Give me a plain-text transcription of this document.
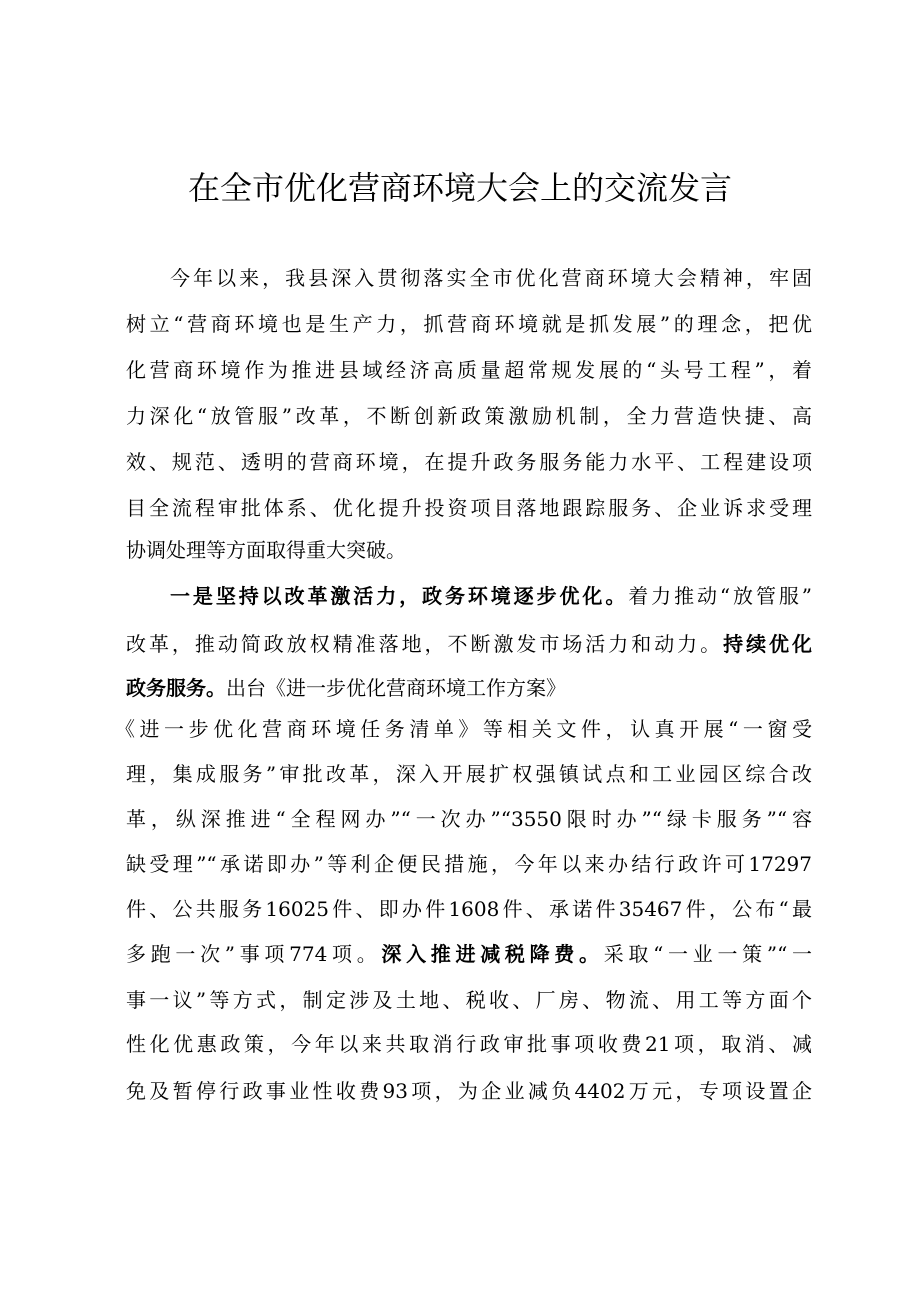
在全市优化营商环境大会上的交流发言
今年以来，我县深入贯彻落实全市优化营商环境大会精神，牢固
树立“营商环境也是生产力，抓营商环境就是抓发展”的理念，把优
化营商环境作为推进县域经济高质量超常规发展的“头号工程”，着
力深化“放管服”改革，不断创新政策激励机制，全力营造快捷、高
效、规范、透明的营商环境，在提升政务服务能力水平、工程建设项
目全流程审批体系、优化提升投资项目落地跟踪服务、企业诉求受理
协调处理等方面取得重大突破。
一是坚持以改革激活力，政务环境逐步优化。着力推动“放管服”
改革，推动简政放权精准落地，不断激发市场活力和动力。持续优化
政务服务。出台《进一步优化营商环境工作方案》
《进一步优化营商环境任务清单》等相关文件，认真开展“一窗受
理，集成服务”审批改革，深入开展扩权强镇试点和工业园区综合改
革，纵深推进“全程网办”“一次办”“3550限时办”“绿卡服务”“容
缺受理”“承诺即办”等利企便民措施，今年以来办结行政许可17297
件、公共服务16025件、即办件1608件、承诺件35467件，公布“最
多跑一次”事项774项。深入推进减税降费。采取“一业一策”“一
事一议”等方式，制定涉及土地、税收、厂房、物流、用工等方面个
性化优惠政策，今年以来共取消行政审批事项收费21项，取消、减
免及暂停行政事业性收费93项，为企业减负4402万元，专项设置企
